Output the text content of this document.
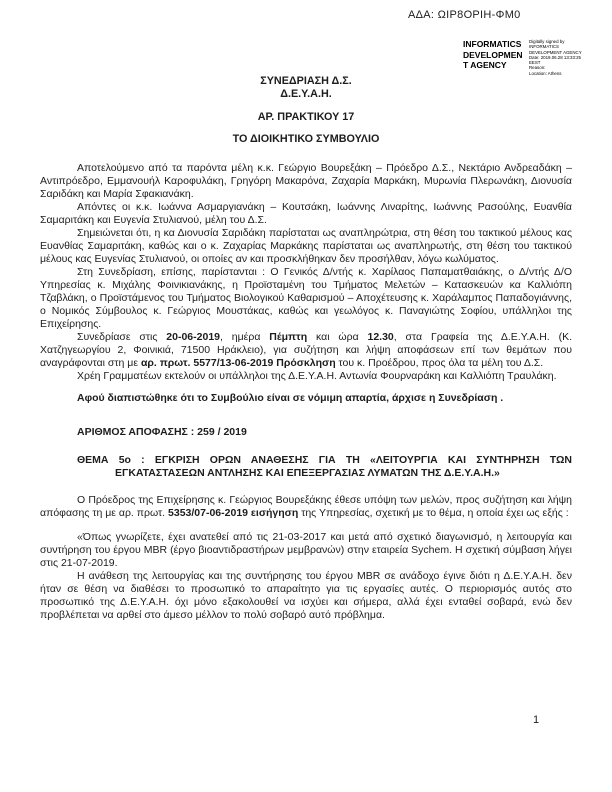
ΑΔΑ: ΩΙΡ8ΟΡΙΗ-ΦΜ0
INFORMATICS DEVELOPMENT AGENCY
Digitally signed by
INFORMATICS
DEVELOPMENT AGENCY
Date: 2019.06.28 13:33:25
EEST
Reason:
Location: Athens

ΣΥΝΕΔΡΙΑΣΗ Δ.Σ.

Δ.Ε.Υ.Α.Η.

ΑΡ. ΠΡΑΚΤΙΚΟΥ 17

ΤΟ ΔΙΟΙΚΗΤΙΚΟ ΣΥΜΒΟΥΛΙΟ

Αποτελούμενο από τα παρόντα μέλη κ.κ. Γεώργιο Βουρεξάκη – Πρόεδρο Δ.Σ., Νεκτάριο Ανδρεαδάκη – Αντιπρόεδρο, Εμμανουήλ Καροφυλάκη, Γρηγόρη Μακαρόνα, Ζαχαρία Μαρκάκη, Μυρωνία Πλερωνάκη, Διονυσία Σαριδάκη και Μαρία Σφακιανάκη.

Απόντες οι κ.κ. Ιωάννα Ασμαργιανάκη – Κουτσάκη, Ιωάννης Λιναρίτης, Ιωάννης Ρασούλης, Ευανθία Σαμαριτάκη και Ευγενία Στυλιανού, μέλη του Δ.Σ.

Σημειώνεται ότι, η κα Διονυσία Σαριδάκη παρίσταται ως αναπληρώτρια, στη θέση του τακτικού μέλους κας Ευανθίας Σαμαριτάκη, καθώς και ο κ. Ζαχαρίας Μαρκάκης παρίσταται ως αναπληρωτής, στη θέση του τακτικού μέλους κας Ευγενίας Στυλιανού, οι οποίες αν και προσκλήθηκαν δεν προσήλθαν, λόγω κωλύματος.

Στη Συνεδρίαση, επίσης, παρίστανται : Ο Γενικός Δ/ντής κ. Χαρίλαος Παπαματθαιάκης, ο Δ/ντής Δ/Ο Υπηρεσίας κ. Μιχάλης Φοινικιανάκης, η Προϊσταμένη του Τμήματος Μελετών – Κατασκευών κα Καλλιόπη Τζαβλάκη, ο Προϊστάμενος του Τμήματος Βιολογικού Καθαρισμού – Αποχέτευσης κ. Χαράλαμπος Παπαδογιάννης, ο Νομικός Σύμβουλος κ. Γεώργιος Μουστάκας, καθώς και γεωλόγος κ. Παναγιώτης Σοφίου, υπάλληλοι της Επιχείρησης.

Συνεδρίασε στις 20-06-2019, ημέρα Πέμπτη και ώρα 12.30, στα Γραφεία της Δ.Ε.Υ.Α.Η. (Κ. Χατζηγεωργίου 2, Φοινικιά, 71500 Ηράκλειο), για συζήτηση και λήψη αποφάσεων επί των θεμάτων που αναγράφονται στη με αρ. πρωτ. 5577/13-06-2019 Πρόσκληση του κ. Προέδρου, προς όλα τα μέλη του Δ.Σ.

Χρέη Γραμματέων εκτελούν οι υπάλληλοι της Δ.Ε.Υ.Α.Η. Αντωνία Φουρναράκη και Καλλιόπη Τραυλάκη.

Αφού διαπιστώθηκε ότι το Συμβούλιο είναι σε νόμιμη απαρτία, άρχισε η Συνεδρίαση .

ΑΡΙΘΜΟΣ ΑΠΟΦΑΣΗΣ : 259 / 2019

ΘΕΜΑ 5ο : ΕΓΚΡΙΣΗ ΟΡΩΝ ΑΝΑΘΕΣΗΣ ΓΙΑ ΤΗ «ΛΕΙΤΟΥΡΓΙΑ ΚΑΙ ΣΥΝΤΗΡΗΣΗ ΤΩΝ ΕΓΚΑΤΑΣΤΑΣΕΩΝ ΑΝΤΛΗΣΗΣ ΚΑΙ ΕΠΕΞΕΡΓΑΣΙΑΣ ΛΥΜΑΤΩΝ ΤΗΣ Δ.Ε.Υ.Α.Η.»

Ο Πρόεδρος της Επιχείρησης κ. Γεώργιος Βουρεξάκης έθεσε υπόψη των μελών, προς συζήτηση και λήψη απόφασης τη με αρ. πρωτ. 5353/07-06-2019 εισήγηση της Υπηρεσίας, σχετική με το θέμα, η οποία έχει ως εξής :

«Όπως γνωρίζετε, έχει ανατεθεί από τις 21-03-2017 και μετά από σχετικό διαγωνισμό, η λειτουργία και συντήρηση του έργου MBR (έργο βιοαντιδραστήρων μεμβρανών) στην εταιρεία Sychem. Η σχετική σύμβαση λήγει στις 21-07-2019.

Η ανάθεση της λειτουργίας και της συντήρησης του έργου MBR σε ανάδοχο έγινε διότι η Δ.Ε.Υ.Α.Η. δεν ήταν σε θέση να διαθέσει το προσωπικό το απαραίτητο για τις εργασίες αυτές. Ο περιορισμός αυτός στο προσωπικό της Δ.Ε.Υ.Α.Η. όχι μόνο εξακολουθεί να ισχύει και σήμερα, αλλά έχει ενταθεί σοβαρά, ενώ δεν προβλέπεται να αρθεί στο άμεσο μέλλον το πολύ σοβαρό αυτό πρόβλημα.

1
